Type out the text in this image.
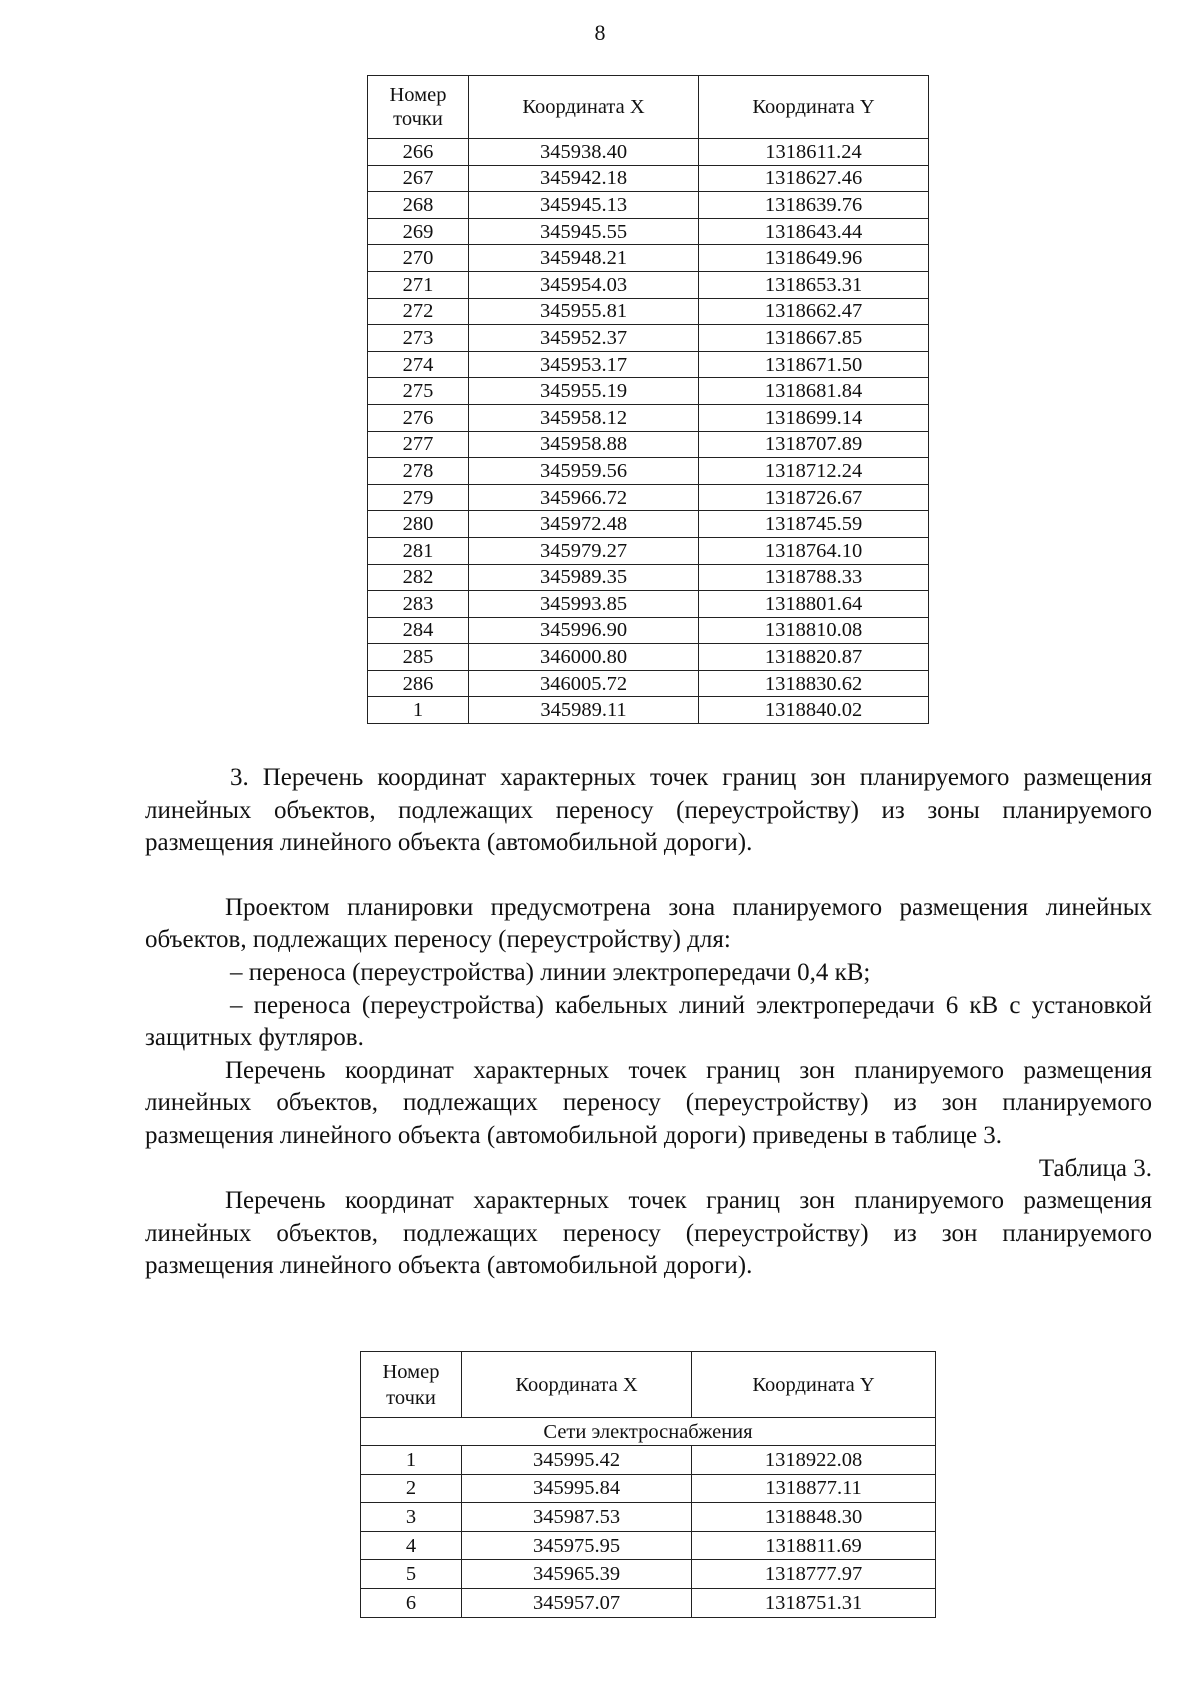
8
Номер точки	Координата X	Координата Y
266	345938.40	1318611.24
267	345942.18	1318627.46
268	345945.13	1318639.76
269	345945.55	1318643.44
270	345948.21	1318649.96
271	345954.03	1318653.31
272	345955.81	1318662.47
273	345952.37	1318667.85
274	345953.17	1318671.50
275	345955.19	1318681.84
276	345958.12	1318699.14
277	345958.88	1318707.89
278	345959.56	1318712.24
279	345966.72	1318726.67
280	345972.48	1318745.59
281	345979.27	1318764.10
282	345989.35	1318788.33
283	345993.85	1318801.64
284	345996.90	1318810.08
285	346000.80	1318820.87
286	346005.72	1318830.62
1	345989.11	1318840.02

3. Перечень координат характерных точек границ зон планируемого размещения линейных объектов, подлежащих переносу (переустройству) из зоны планируемого размещения линейного объекта (автомобильной дороги).

Проектом планировки предусмотрена зона планируемого размещения линейных объектов, подлежащих переносу (переустройству) для:

– переноса (переустройства) линии электропередачи 0,4 кВ;

– переноса (переустройства) кабельных линий электропередачи 6 кВ с установкой защитных футляров.

Перечень координат характерных точек границ зон планируемого размещения линейных объектов, подлежащих переносу (переустройству) из зон планируемого размещения линейного объекта (автомобильной дороги) приведены в таблице 3.

Таблица 3.

Перечень координат характерных точек границ зон планируемого размещения линейных объектов, подлежащих переносу (переустройству) из зон планируемого размещения линейного объекта (автомобильной дороги).

Номер точки	Координата X	Координата Y
Сети электроснабжения		
1	345995.42	1318922.08
2	345995.84	1318877.11
3	345987.53	1318848.30
4	345975.95	1318811.69
5	345965.39	1318777.97
6	345957.07	1318751.31
